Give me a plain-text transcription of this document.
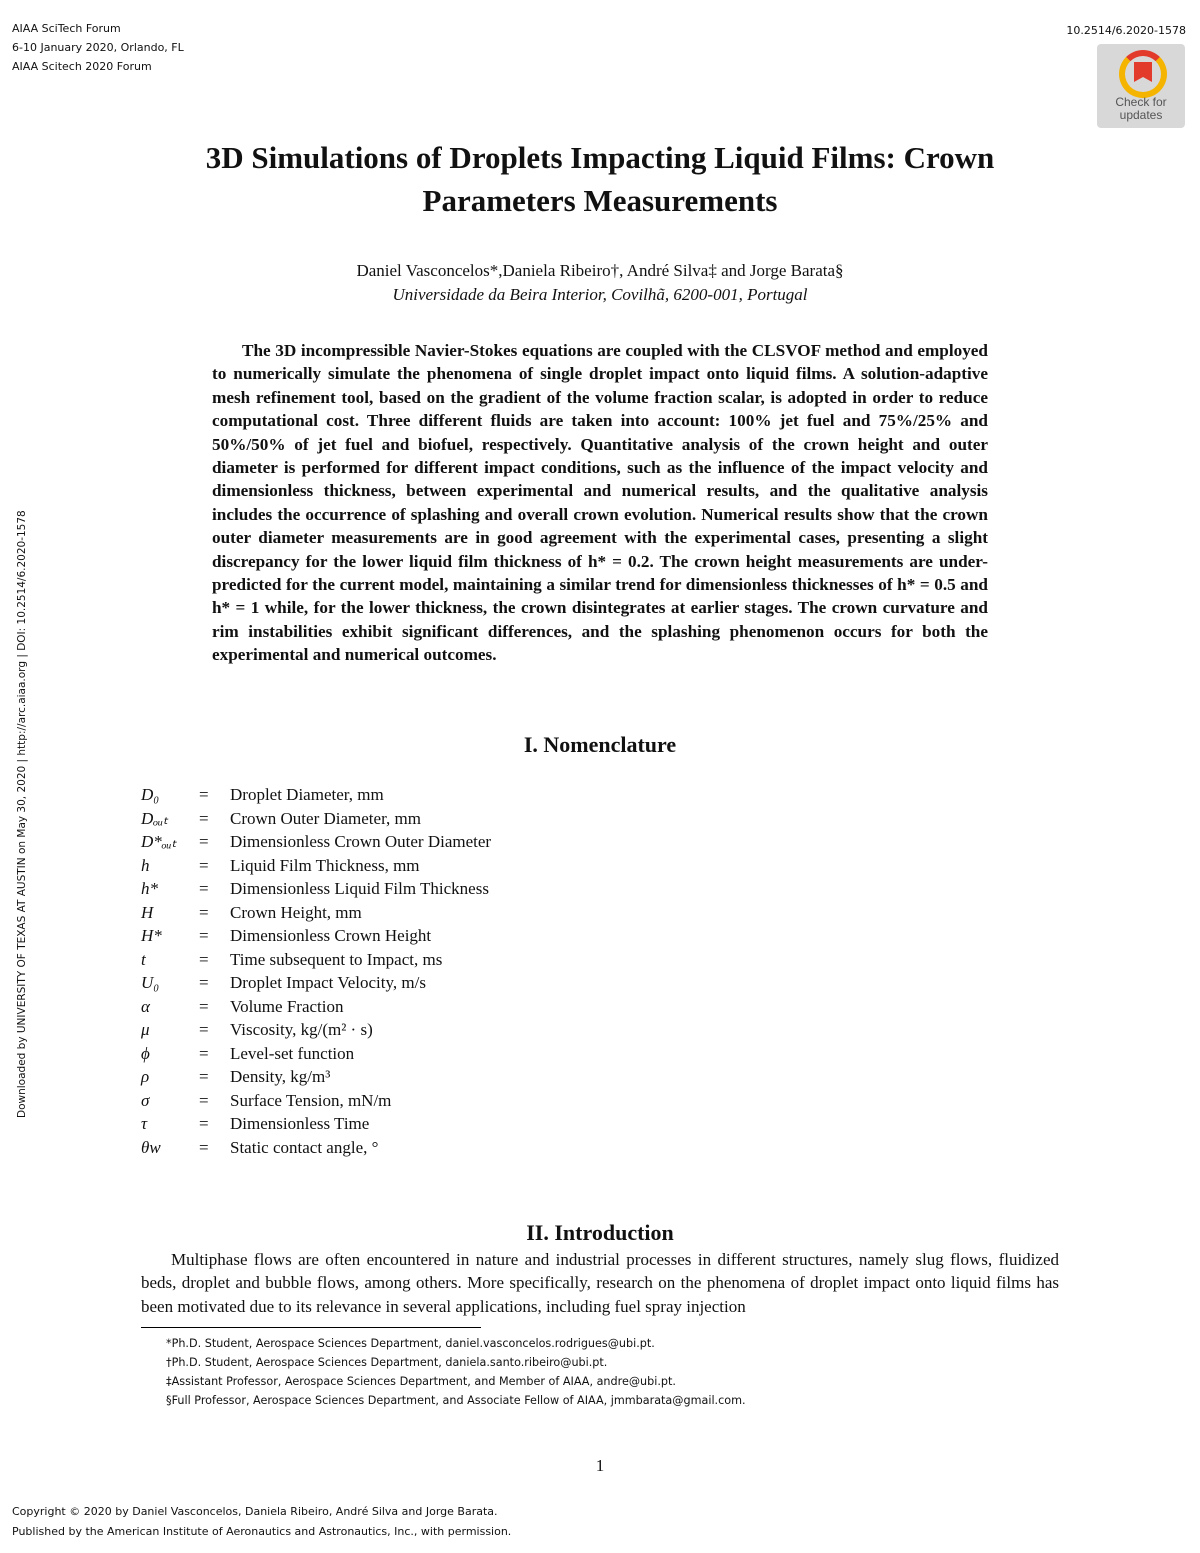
AIAA SciTech Forum
6-10 January 2020, Orlando, FL
AIAA Scitech 2020 Forum
10.2514/6.2020-1578
Check for
updates
Downloaded by UNIVERSITY OF TEXAS AT AUSTIN on May 30, 2020 | http://arc.aiaa.org | DOI: 10.2514/6.2020-1578
3D Simulations of Droplets Impacting Liquid Films: Crown
Parameters Measurements
Daniel Vasconcelos*,Daniela Ribeiro†, André Silva‡ and Jorge Barata§
Universidade da Beira Interior, Covilhã, 6200-001, Portugal
The 3D incompressible Navier-Stokes equations are coupled with the CLSVOF method and employed to numerically simulate the phenomena of single droplet impact onto liquid films. A solution-adaptive mesh refinement tool, based on the gradient of the volume fraction scalar, is adopted in order to reduce computational cost. Three different fluids are taken into account: 100% jet fuel and 75%/25% and 50%/50% of jet fuel and biofuel, respectively. Quantitative analysis of the crown height and outer diameter is performed for different impact conditions, such as the influence of the impact velocity and dimensionless thickness, between experimental and numerical results, and the qualitative analysis includes the occurrence of splashing and overall crown evolution. Numerical results show that the crown outer diameter measurements are in good agreement with the experimental cases, presenting a slight discrepancy for the lower liquid film thickness of h* = 0.2. The crown height measurements are under-predicted for the current model, maintaining a similar trend for dimensionless thicknesses of h* = 0.5 and h* = 1 while, for the lower thickness, the crown disintegrates at earlier stages. The crown curvature and rim instabilities exhibit significant differences, and the splashing phenomenon occurs for both the experimental and numerical outcomes.
I. Nomenclature
D₀	= Droplet Diameter, mm
Dₒᵤₜ	= Crown Outer Diameter, mm
D*ₒᵤₜ	= Dimensionless Crown Outer Diameter
h	= Liquid Film Thickness, mm
h*	= Dimensionless Liquid Film Thickness
H	= Crown Height, mm
H*	= Dimensionless Crown Height
t	= Time subsequent to Impact, ms
U₀	= Droplet Impact Velocity, m/s
α	= Volume Fraction
μ	= Viscosity, kg/(m² · s)
ϕ	= Level-set function
ρ	= Density, kg/m³
σ	= Surface Tension, mN/m
τ	= Dimensionless Time
θw	= Static contact angle, °
II. Introduction
Multiphase flows are often encountered in nature and industrial processes in different structures, namely slug flows, fluidized beds, droplet and bubble flows, among others. More specifically, research on the phenomena of droplet impact onto liquid films has been motivated due to its relevance in several applications, including fuel spray injection
*Ph.D. Student, Aerospace Sciences Department, daniel.vasconcelos.rodrigues@ubi.pt.
†Ph.D. Student, Aerospace Sciences Department, daniela.santo.ribeiro@ubi.pt.
‡Assistant Professor, Aerospace Sciences Department, and Member of AIAA, andre@ubi.pt.
§Full Professor, Aerospace Sciences Department, and Associate Fellow of AIAA, jmmbarata@gmail.com.
1
Copyright © 2020 by Daniel Vasconcelos, Daniela Ribeiro, André Silva and Jorge Barata.
Published by the American Institute of Aeronautics and Astronautics, Inc., with permission.
